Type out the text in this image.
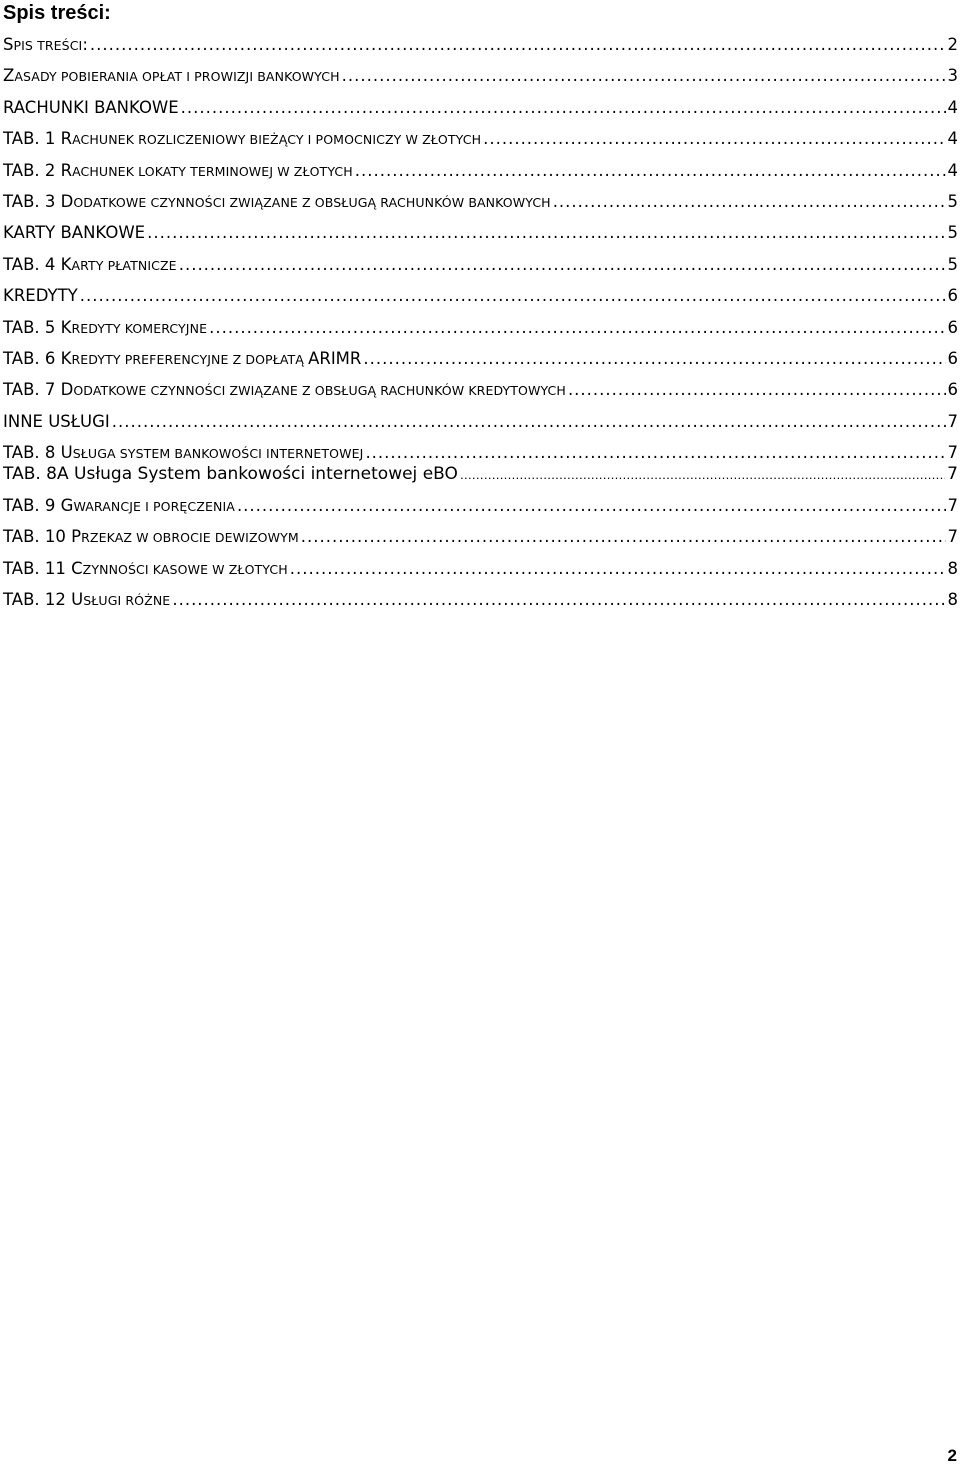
Spis treści:
SPIS TREŚCI: .....	2
ZASADY POBIERANIA OPŁAT I PROWIZJI BANKOWYCH .....	3
RACHUNKI BANKOWE .....	4
TAB. 1 RACHUNEK ROZLICZENIOWY BIEŻĄCY I POMOCNICZY W ZŁOTYCH .....	4
TAB. 2 RACHUNEK LOKATY TERMINOWEJ W ZŁOTYCH .....	4
TAB. 3 DODATKOWE CZYNNOŚCI ZWIĄZANE Z OBSŁUGĄ RACHUNKÓW BANKOWYCH .....	5
KARTY BANKOWE .....	5
TAB. 4 KARTY PŁATNICZE .....	5
KREDYTY .....	6
TAB. 5 KREDYTY KOMERCYJNE .....	6
TAB. 6 KREDYTY PREFERENCYJNE Z DOPŁATĄ ARIMR .....	6
TAB. 7 DODATKOWE CZYNNOŚCI ZWIĄZANE Z OBSŁUGĄ RACHUNKÓW KREDYTOWYCH .....	6
INNE USŁUGI .....	7
TAB. 8 USŁUGA SYSTEM BANKOWOŚCI INTERNETOWEJ .....	7
TAB. 8A Usługa System bankowości internetowej eBO …………………………………………………………………………………………………………………………………………………………………………………………………………………………	7
TAB. 9 GWARANCJE I PORĘCZENIA .....	7
TAB. 10 PRZEKAZ W OBROCIE DEWIZOWYM .....	7
TAB. 11 CZYNNOŚCI KASOWE W ZŁOTYCH .....	8
TAB. 12 USŁUGI RÓŻNE .....	8
2
